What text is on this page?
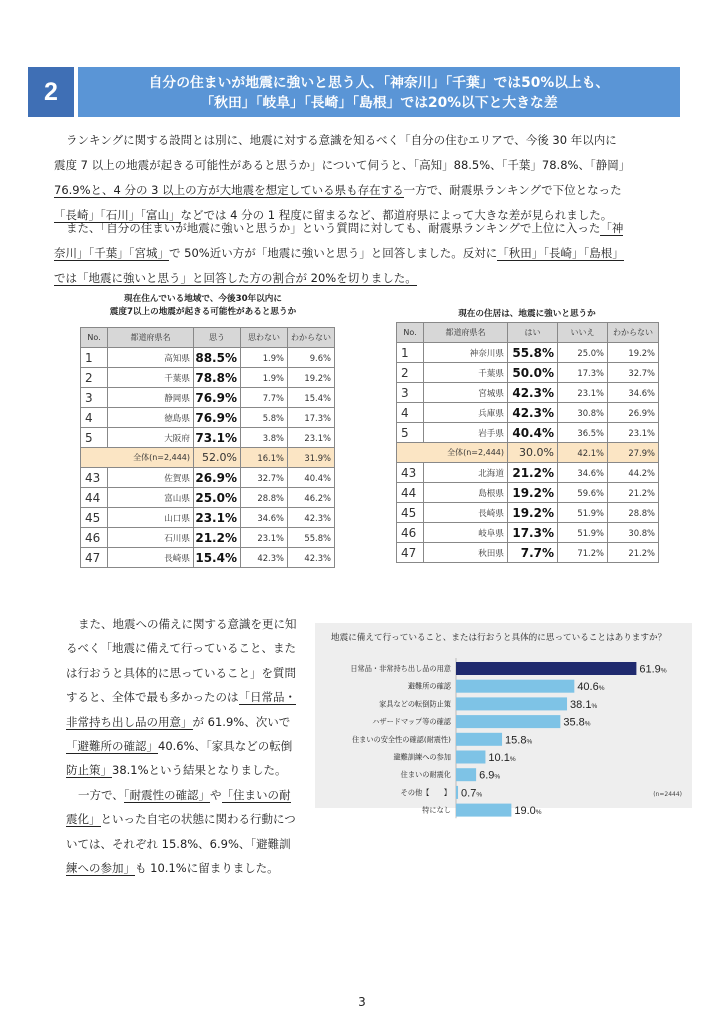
2	自分の住まいが地震に強いと思う人、「神奈川」「千葉」では50%以上も、
「秋田」「岐阜」「長崎」「島根」では20%以下と大きな差
ランキングに関する設問とは別に、地震に対する意識を知るべく「自分の住むエリアで、今後 30 年以内に
震度 7 以上の地震が起きる可能性があると思うか」について伺うと、「高知」88.5%、「千葉」78.8%、「静岡」
76.9%と、4 分の 3 以上の方が大地震を想定している県も存在する一方で、耐震県ランキングで下位となった
「長崎」「石川」「富山」などでは 4 分の 1 程度に留まるなど、都道府県によって大きな差が見られました。
また、「自分の住まいが地震に強いと思うか」という質問に対しても、耐震県ランキングで上位に入った「神
奈川」「千葉」「宮城」で 50%近い方が「地震に強いと思う」と回答しました。反対に「秋田」「長崎」「島根」
では「地震に強いと思う」と回答した方の割合が 20%を切りました。
現在住んでいる地域で、今後30年以内に
震度7以上の地震が起きる可能性があると思うか
No.	都道府県名	思う	思わない	わからない
1	高知県	88.5%	1.9%	9.6%
2	千葉県	78.8%	1.9%	19.2%
3	静岡県	76.9%	7.7%	15.4%
4	徳島県	76.9%	5.8%	17.3%
5	大阪府	73.1%	3.8%	23.1%
全体(n=2,444)		52.0%	16.1%	31.9%
43	佐賀県	26.9%	32.7%	40.4%
44	富山県	25.0%	28.8%	46.2%
45	山口県	23.1%	34.6%	42.3%
46	石川県	21.2%	23.1%	55.8%
47	長崎県	15.4%	42.3%	42.3%
現在の住居は、地震に強いと思うか
No.	都道府県名	はい	いいえ	わからない
1	神奈川県	55.8%	25.0%	19.2%
2	千葉県	50.0%	17.3%	32.7%
3	宮城県	42.3%	23.1%	34.6%
4	兵庫県	42.3%	30.8%	26.9%
5	岩手県	40.4%	36.5%	23.1%
全体(n=2,444)		30.0%	42.1%	27.9%
43	北海道	21.2%	34.6%	44.2%
44	島根県	19.2%	59.6%	21.2%
45	長崎県	19.2%	51.9%	28.8%
46	岐阜県	17.3%	51.9%	30.8%
47	秋田県	7.7%	71.2%	21.2%
また、地震への備えに関する意識を更に知
るべく「地震に備えて行っていること、また
は行おうと具体的に思っていること」を質問
すると、全体で最も多かったのは「日常品・
非常持ち出し品の用意」が 61.9%、次いで
「避難所の確認」40.6%、「家具などの転倒
防止策」38.1%という結果となりました。
一方で、「耐震性の確認」や「住まいの耐
震化」といった自宅の状態に関わる行動につ
いては、それぞれ 15.8%、6.9%、「避難訓
練への参加」も 10.1%に留まりました。
地震に備えて行っていること、または行おうと具体的に思っていることはありますか？
日常品・非常持ち出し品の用意	61.9%
避難所の確認	40.6%
家具などの転倒防止策	38.1%
ハザードマップ等の確認	35.8%
住まいの安全性の確認(耐震性)	15.8%
避難訓練への参加	10.1%
住まいの耐震化	6.9%
その他【　　】 0.7%
特になし	19.0%
(n=2444)
3
